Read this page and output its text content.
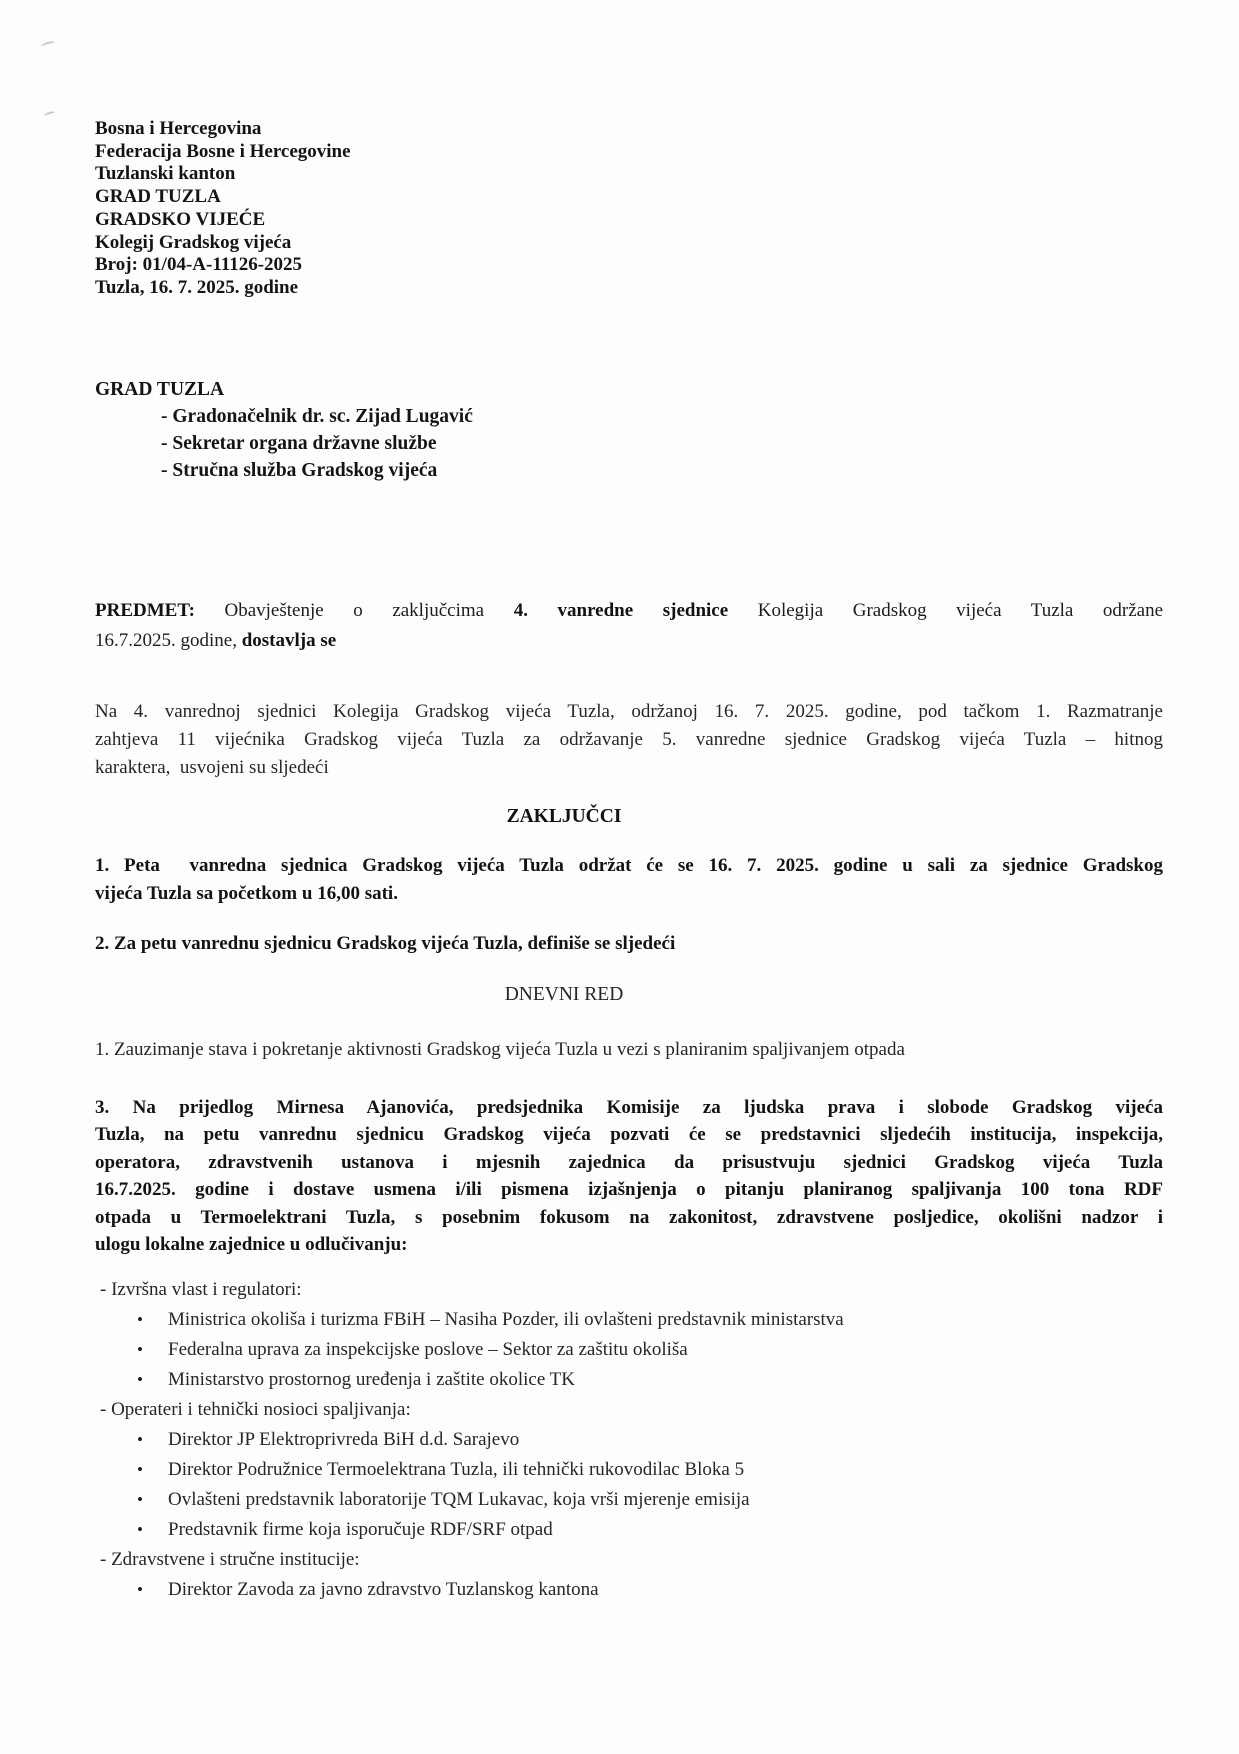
Bosna i Hercegovina
Federacija Bosne i Hercegovine
Tuzlanski kanton
GRAD TUZLA
GRADSKO VIJEĆE
Kolegij Gradskog vijeća
Broj: 01/04-A-11126-2025
Tuzla, 16. 7. 2025. godine
GRAD TUZLA
- Gradonačelnik dr. sc. Zijad Lugavić
- Sekretar organa državne službe
- Stručna služba Gradskog vijeća

PREDMET: Obavještenje o zaključcima 4. vanredne sjednice Kolegija Gradskog vijeća Tuzla održane
16.7.2025. godine, dostavlja se

Na 4. vanrednoj sjednici Kolegija Gradskog vijeća Tuzla, održanoj 16. 7. 2025. godine, pod tačkom 1. Razmatranje
zahtjeva 11 vijećnika Gradskog vijeća Tuzla za održavanje 5. vanredne sjednice Gradskog vijeća Tuzla – hitnog
karaktera,  usvojeni su sljedeći

ZAKLJUČCI

1. Peta  vanredna sjednica Gradskog vijeća Tuzla održat će se 16. 7. 2025. godine u sali za sjednice Gradskog
vijeća Tuzla sa početkom u 16,00 sati.

2. Za petu vanrednu sjednicu Gradskog vijeća Tuzla, definiše se sljedeći

DNEVNI RED

1. Zauzimanje stava i pokretanje aktivnosti Gradskog vijeća Tuzla u vezi s planiranim spaljivanjem otpada

3. Na prijedlog Mirnesa Ajanovića, predsjednika Komisije za ljudska prava i slobode Gradskog vijeća
Tuzla, na petu vanrednu sjednicu Gradskog vijeća pozvati će se predstavnici sljedećih institucija, inspekcija,
operatora, zdravstvenih ustanova i mjesnih zajednica da prisustvuju sjednici Gradskog vijeća Tuzla
16.7.2025. godine i dostave usmena i/ili pismena izjašnjenja o pitanju planiranog spaljivanja 100 tona RDF
otpada u Termoelektrani Tuzla, s posebnim fokusom na zakonitost, zdravstvene posljedice, okolišni nadzor i
ulogu lokalne zajednice u odlučivanju:

- Izvršna vlast i regulatori:
• Ministrica okoliša i turizma FBiH – Nasiha Pozder, ili ovlašteni predstavnik ministarstva
• Federalna uprava za inspekcijske poslove – Sektor za zaštitu okoliša
• Ministarstvo prostornog uređenja i zaštite okolice TK
- Operateri i tehnički nosioci spaljivanja:
• Direktor JP Elektroprivreda BiH d.d. Sarajevo
• Direktor Podružnice Termoelektrana Tuzla, ili tehnički rukovodilac Bloka 5
• Ovlašteni predstavnik laboratorije TQM Lukavac, koja vrši mjerenje emisija
• Predstavnik firme koja isporučuje RDF/SRF otpad
- Zdravstvene i stručne institucije:
• Direktor Zavoda za javno zdravstvo Tuzlanskog kantona
